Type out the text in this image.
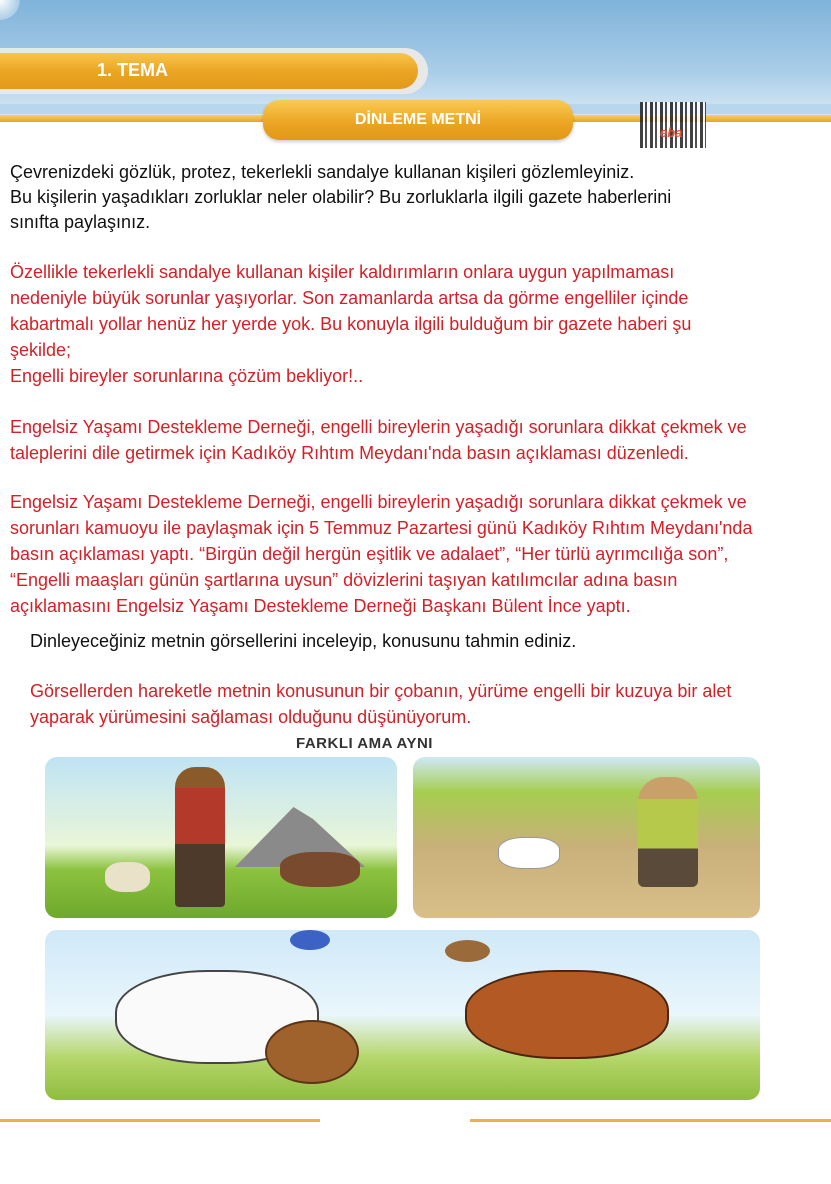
1. TEMA
DİNLEME METNİ
eba
Çevrenizdeki gözlük, protez, tekerlekli sandalye kullanan kişileri gözlemleyiniz.
Bu kişilerin yaşadıkları zorluklar neler olabilir? Bu zorluklarla ilgili gazete haberlerini
sınıfta paylaşınız.
Özellikle tekerlekli sandalye kullanan kişiler kaldırımların onlara uygun yapılmaması
nedeniyle büyük sorunlar yaşıyorlar. Son zamanlarda artsa da görme engelliler içinde
kabartmalı yollar henüz her yerde yok. Bu konuyla ilgili bulduğum bir gazete haberi şu
şekilde;
Engelli bireyler sorunlarına çözüm bekliyor!..
Engelsiz Yaşamı Destekleme Derneği, engelli bireylerin yaşadığı sorunlara dikkat çekmek ve
taleplerini dile getirmek için Kadıköy Rıhtım Meydanı'nda basın açıklaması düzenledi.
Engelsiz Yaşamı Destekleme Derneği, engelli bireylerin yaşadığı sorunlara dikkat çekmek ve
sorunları kamuoyu ile paylaşmak için 5 Temmuz Pazartesi günü Kadıköy Rıhtım Meydanı'nda
basın açıklaması yaptı. “Birgün değil hergün eşitlik ve adalaet”, “Her türlü ayrımcılığa son”,
“Engelli maaşları günün şartlarına uysun” dövizlerini taşıyan katılımcılar adına basın
açıklamasını Engelsiz Yaşamı Destekleme Derneği Başkanı Bülent İnce yaptı.
Dinleyeceğiniz metnin görsellerini inceleyip, konusunu tahmin ediniz.
Görsellerden hareketle metnin konusunun bir çobanın, yürüme engelli bir kuzuya bir alet
yaparak yürümesini sağlaması olduğunu düşünüyorum.
FARKLI AMA AYNI
